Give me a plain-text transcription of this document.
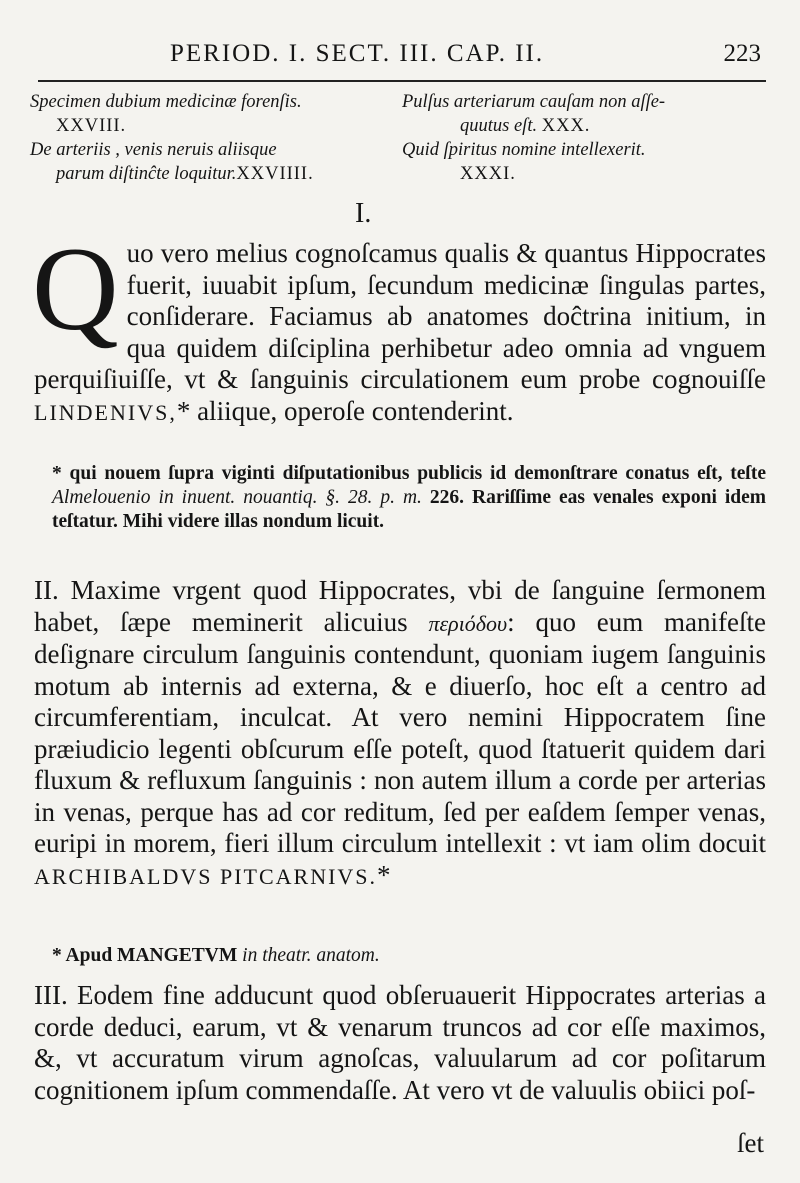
PERIOD. I. SECT. III. CAP. II.	223

Specimen dubium medicinæ forenſis.

XXVIII.

De arteriis , venis neruis aliisque

parum diſtinĉte loquitur.XXVIIII.

Pulſus arteriarum cauſam non aſſe-

quutus eſt. XXX.

Quid ſpiritus nomine intellexerit.

XXXI.

I.
Q uo vero melius cognoſcamus qualis & quantus Hippocrates fuerit, iuuabit ipſum, ſecundum medicinæ ſingulas partes, conſiderare. Faciamus ab anatomes doĉtrina initium, in qua quidem diſciplina perhibetur adeo omnia ad vnguem perquiſiuiſſe, vt & ſanguinis circulationem eum probe cognouiſſe LINDENIVS,* aliique, operoſe contenderint.

* qui nouem ſupra viginti diſputationibus publicis id demonſtrare conatus eſt, teſte Almelouenio in inuent. nouantiq. §. 28. p. m. 226. Rariſſime eas venales exponi idem teſtatur. Mihi videre illas nondum licuit.

II. Maxime vrgent quod Hippocrates, vbi de ſanguine ſermonem habet, ſæpe meminerit alicuius περιόδου: quo eum manifeſte deſignare circulum ſanguinis contendunt, quoniam iugem ſanguinis motum ab internis ad externa, & e diuerſo, hoc eſt a centro ad circumferentiam, inculcat. At vero nemini Hippocratem ſine præiudicio legenti obſcurum eſſe poteſt, quod ſtatuerit quidem dari fluxum & refluxum ſanguinis : non autem illum a corde per arterias in venas, perque has ad cor reditum, ſed per eaſdem ſemper venas, euripi in morem, fieri illum circulum intellexit : vt iam olim docuit ARCHIBALDVS PITCARNIVS.*

* Apud MANGETVM in theatr. anatom.

III. Eodem fine adducunt quod obſeruauerit Hippocrates arterias a corde deduci, earum, vt & venarum truncos ad cor eſſe maximos, &, vt accuratum virum agnoſcas, valuularum ad cor poſitarum cognitionem ipſum commendaſſe. At vero vt de valuulis obiici poſ-

ſet
